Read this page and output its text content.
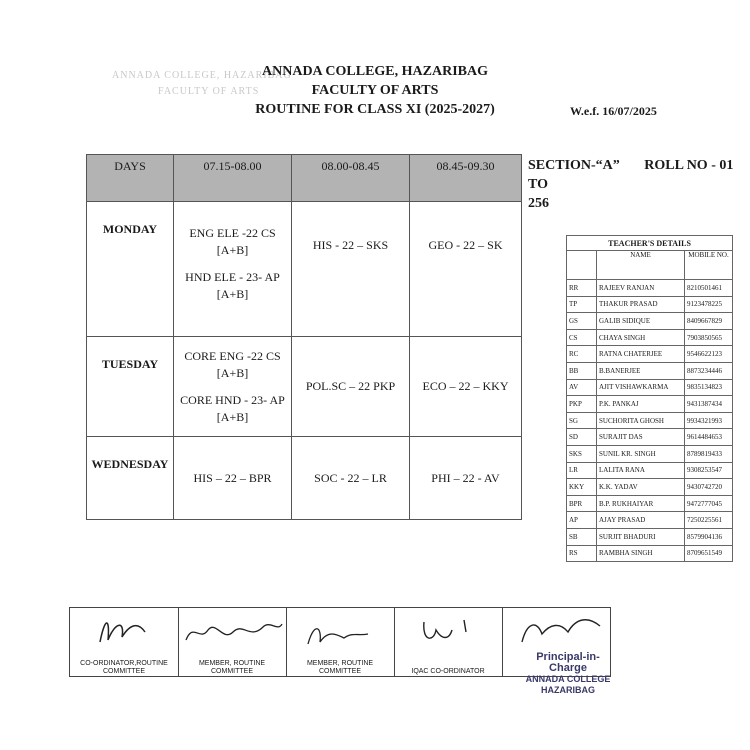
ANNADA COLLEGE, HAZARIBAG
FACULTY OF ARTS
ANNADA COLLEGE, HAZARIBAG
FACULTY OF ARTS
ROUTINE FOR CLASS XI (2025-2027)	W.e.f. 16/07/2025
DAYS	07.15-08.00	08.00-08.45	08.45-09.30
MONDAY	ENG ELE -22 CS
[A+B]
HND ELE - 23- AP
[A+B]	HIS - 22 – SKS	GEO - 22 – SK
TUESDAY	CORE ENG -22 CS
[A+B]
CORE HND - 23- AP
[A+B]	POL.SC – 22 PKP	ECO – 22 – KKY
WEDNESDAY	HIS – 22 – BPR	SOC - 22 – LR	PHI – 22 - AV
SECTION-“A” ROLL NO - 01 TO
256
TEACHER'S DETAILS		
	NAME	MOBILE NO.
RR	RAJEEV RANJAN	8210501461
TP	THAKUR PRASAD	9123478225
GS	GALIB SIDIQUE	8409667829
CS	CHAYA SINGH	7903850565
RC	RATNA CHATERJEE	9546622123
BB	B.BANERJEE	8873234446
AV	AJIT VISHAWKARMA	9835134823
PKP	P.K. PANKAJ	9431387434
SG	SUCHORITA GHOSH	9934321993
SD	SURAJIT DAS	9614484653
SKS	SUNIL KR. SINGH	8789819433
LR	LALITA RANA	9308253547
KKY	K.K. YADAV	9430742720
BPR	B.P. RUKHAIYAR	9472777045
AP	AJAY PRASAD	7250225561
SB	SURJIT BHADURI	8579904136
RS	RAMBHA SINGH	8709651549
CO-ORDINATOR,ROUTINE COMMITTEE
MEMBER, ROUTINE COMMITTEE
MEMBER, ROUTINE COMMITTEE	IQAC CO-ORDINATOR
Principal-in-Charge
ANNADA COLLEGE
HAZARIBAG
